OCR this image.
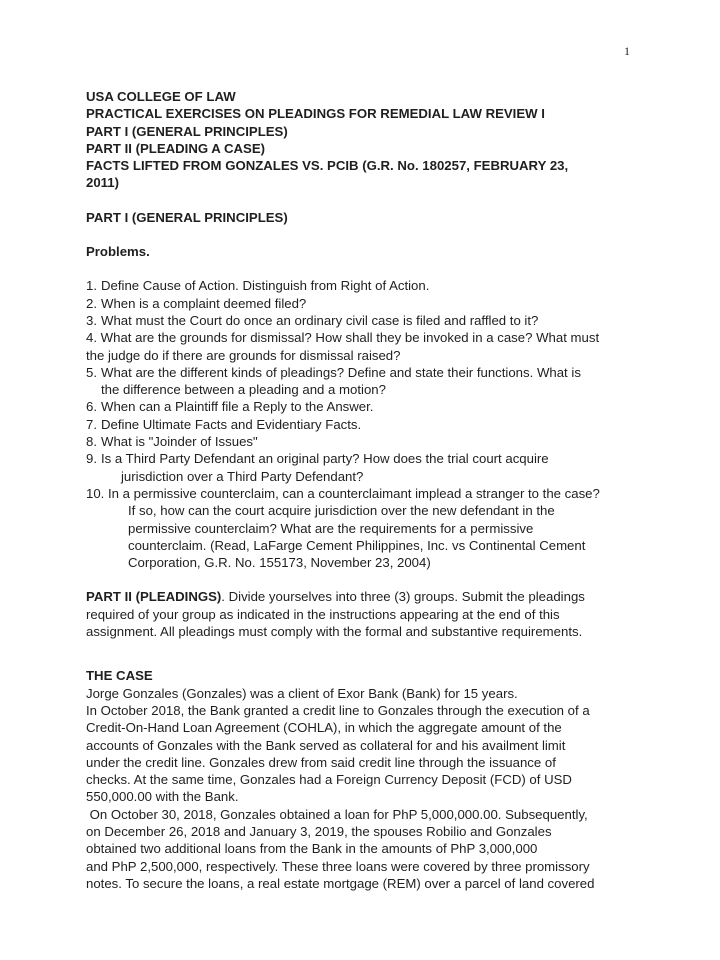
1
USA COLLEGE OF LAW
PRACTICAL EXERCISES ON PLEADINGS FOR REMEDIAL LAW REVIEW I
PART I (GENERAL PRINCIPLES)
PART II (PLEADING A CASE)
FACTS LIFTED FROM GONZALES VS. PCIB (G.R. No. 180257, FEBRUARY 23,
2011)
PART I (GENERAL PRINCIPLES)
Problems.
1. Define Cause of Action. Distinguish from Right of Action.
2. When is a complaint deemed filed?
3. What must the Court do once an ordinary civil case is filed and raffled to it?
4. What are the grounds for dismissal? How shall they be invoked in a case? What must
the judge do if there are grounds for dismissal raised?
5. What are the different kinds of pleadings? Define and state their functions. What is
the difference between a pleading and a motion?
6. When can a Plaintiff file a Reply to the Answer.
7. Define Ultimate Facts and Evidentiary Facts.
8. What is "Joinder of Issues"
9. Is a Third Party Defendant an original party? How does the trial court acquire
jurisdiction over a Third Party Defendant?
10. In a permissive counterclaim, can a counterclaimant implead a stranger to the case?
If so, how can the court acquire jurisdiction over the new defendant in the
permissive counterclaim? What are the requirements for a permissive
counterclaim. (Read, LaFarge Cement Philippines, Inc. vs Continental Cement
Corporation, G.R. No. 155173, November 23, 2004)
PART II (PLEADINGS). Divide yourselves into three (3) groups. Submit the pleadings
required of your group as indicated in the instructions appearing at the end of this
assignment. All pleadings must comply with the formal and substantive requirements.
THE CASE
Jorge Gonzales (Gonzales) was a client of Exor Bank (Bank) for 15 years.
In October 2018, the Bank granted a credit line to Gonzales through the execution of a
Credit-On-Hand Loan Agreement (COHLA), in which the aggregate amount of the
accounts of Gonzales with the Bank served as collateral for and his availment limit
under the credit line. Gonzales drew from said credit line through the issuance of
checks. At the same time, Gonzales had a Foreign Currency Deposit (FCD) of USD
550,000.00 with the Bank.
On October 30, 2018, Gonzales obtained a loan for PhP 5,000,000.00. Subsequently,
on December 26, 2018 and January 3, 2019, the spouses Robilio and Gonzales
obtained two additional loans from the Bank in the amounts of PhP 3,000,000
and PhP 2,500,000, respectively. These three loans were covered by three promissory
notes. To secure the loans, a real estate mortgage (REM) over a parcel of land covered
